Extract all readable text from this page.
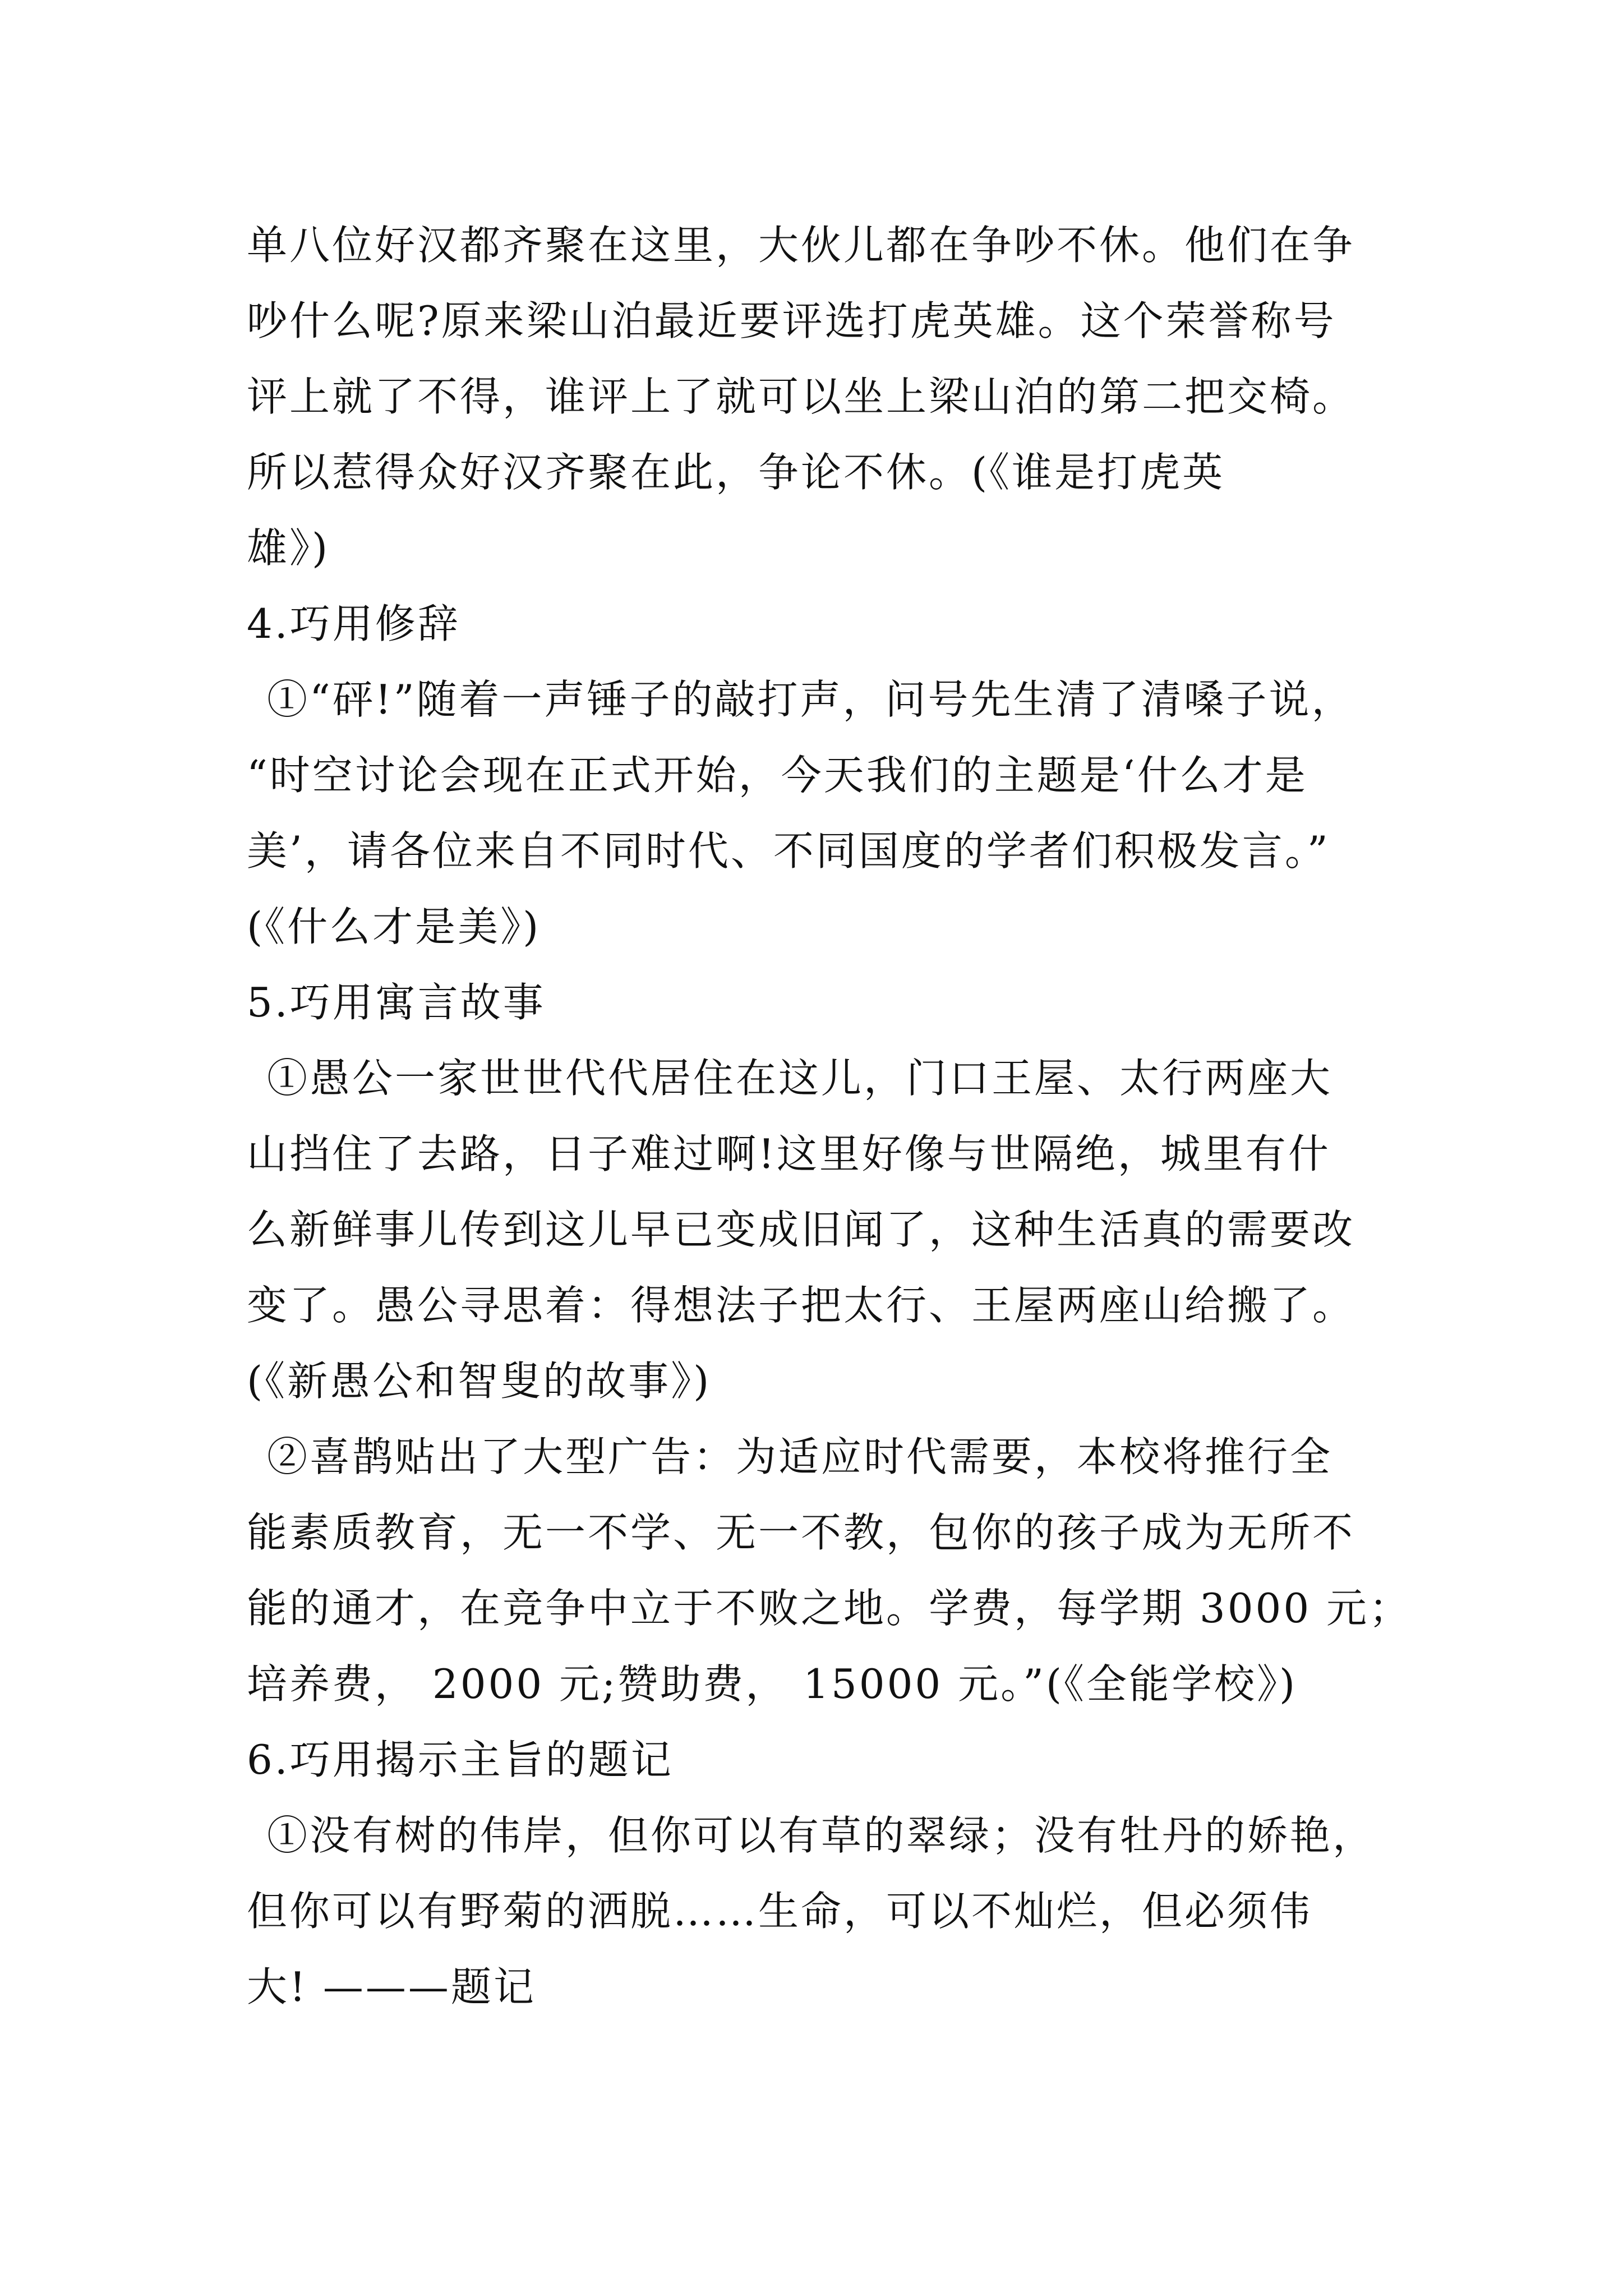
单八位好汉都齐聚在这里，大伙儿都在争吵不休。他们在争
吵什么呢?原来梁山泊最近要评选打虎英雄。这个荣誉称号
评上就了不得，谁评上了就可以坐上梁山泊的第二把交椅。
所以惹得众好汉齐聚在此，争论不休。(《谁是打虎英
雄》)
4.巧用修辞
①“砰!”随着一声锤子的敲打声，问号先生清了清嗓子说，
“时空讨论会现在正式开始，今天我们的主题是‘什么才是
美’，请各位来自不同时代、不同国度的学者们积极发言。”
(《什么才是美》)
5.巧用寓言故事
①愚公一家世世代代居住在这儿，门口王屋、太行两座大
山挡住了去路，日子难过啊!这里好像与世隔绝，城里有什
么新鲜事儿传到这儿早已变成旧闻了，这种生活真的需要改
变了。愚公寻思着：得想法子把太行、王屋两座山给搬了。
(《新愚公和智叟的故事》)
②喜鹊贴出了大型广告：为适应时代需要，本校将推行全
能素质教育，无一不学、无一不教，包你的孩子成为无所不
能的通才，在竞争中立于不败之地。学费，每学期 3000 元；
培养费， 2000 元;赞助费， 15000 元。”(《全能学校》)
6.巧用揭示主旨的题记
①没有树的伟岸，但你可以有草的翠绿；没有牡丹的娇艳，
但你可以有野菊的洒脱……生命，可以不灿烂，但必须伟
大! ———题记
